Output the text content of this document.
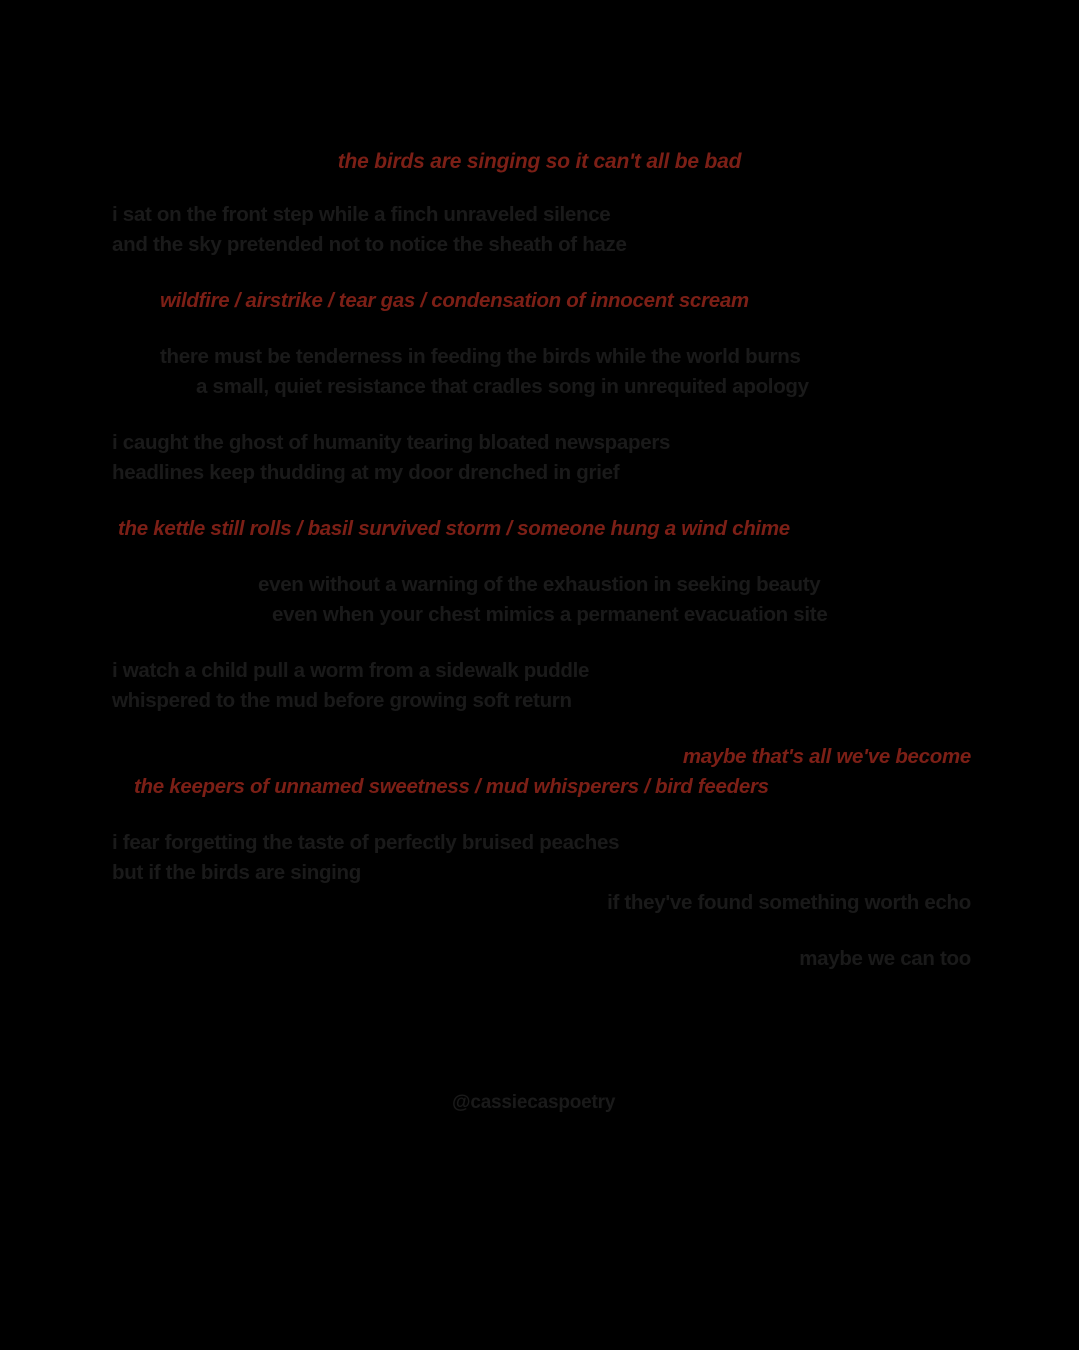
the birds are singing so it can't all be bad
i sat on the front step while a finch unraveled silence
and the sky pretended not to notice the sheath of haze
wildfire / airstrike / tear gas / condensation of innocent scream
there must be tenderness in feeding the birds while the world burns
a small, quiet resistance that cradles song in unrequited apology
i caught the ghost of humanity tearing bloated newspapers
headlines keep thudding at my door drenched in grief
the kettle still rolls / basil survived storm / someone hung a wind chime
even without a warning of the exhaustion in seeking beauty
even when your chest mimics a permanent evacuation site
i watch a child pull a worm from a sidewalk puddle
whispered to the mud before growing soft return
maybe that's all we've become
the keepers of unnamed sweetness / mud whisperers / bird feeders
i fear forgetting the taste of perfectly bruised peaches
but if the birds are singing
if they've found something worth echo
maybe we can too
@cassiecaspoetry
